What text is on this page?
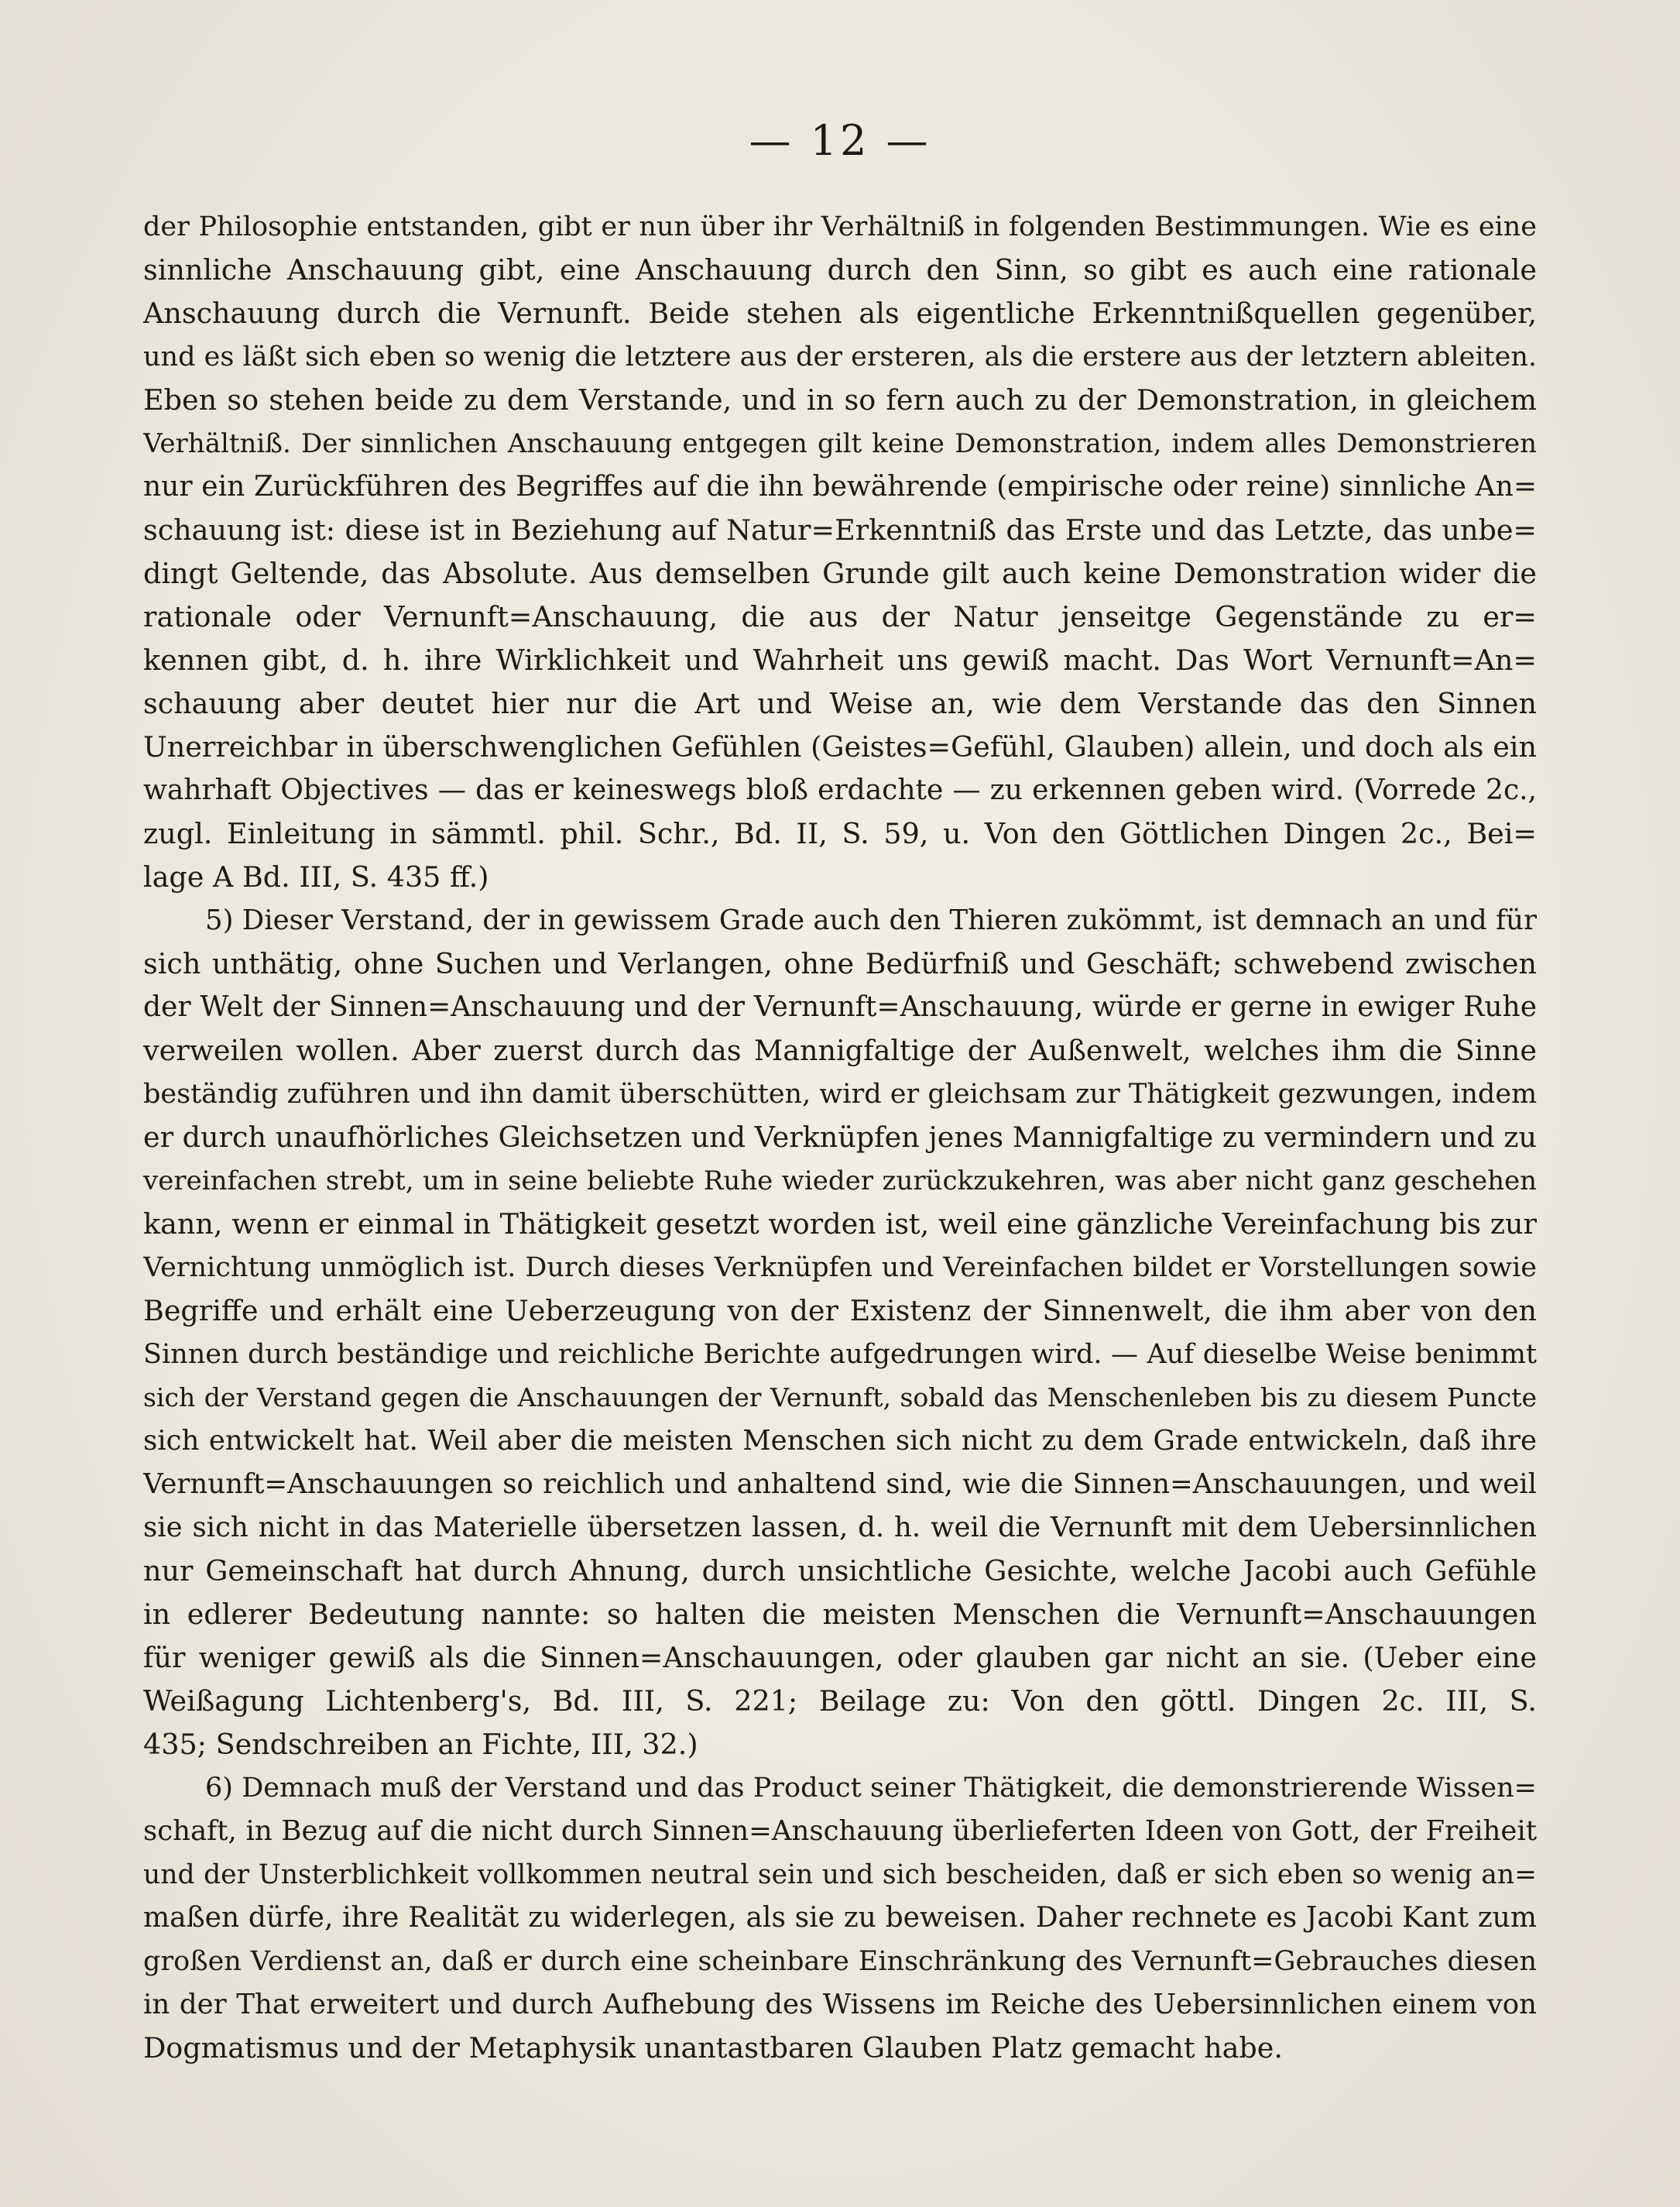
— 12 —
der Philosophie entstanden, gibt er nun über ihr Verhältniß in folgenden Bestimmungen. Wie es eine
sinnliche Anschauung gibt, eine Anschauung durch den Sinn, so gibt es auch eine rationale
Anschauung durch die Vernunft. Beide stehen als eigentliche Erkenntnißquellen gegenüber,
und es läßt sich eben so wenig die letztere aus der ersteren, als die erstere aus der letztern ableiten.
Eben so stehen beide zu dem Verstande, und in so fern auch zu der Demonstration, in gleichem
Verhältniß. Der sinnlichen Anschauung entgegen gilt keine Demonstration, indem alles Demonstrieren
nur ein Zurückführen des Begriffes auf die ihn bewährende (empirische oder reine) sinnliche An=
schauung ist: diese ist in Beziehung auf Natur=Erkenntniß das Erste und das Letzte, das unbe=
dingt Geltende, das Absolute. Aus demselben Grunde gilt auch keine Demonstration wider die
rationale oder Vernunft=Anschauung, die aus der Natur jenseitge Gegenstände zu er=
kennen gibt, d. h. ihre Wirklichkeit und Wahrheit uns gewiß macht. Das Wort Vernunft=An=
schauung aber deutet hier nur die Art und Weise an, wie dem Verstande das den Sinnen
Unerreichbar in überschwenglichen Gefühlen (Geistes=Gefühl, Glauben) allein, und doch als ein
wahrhaft Objectives — das er keineswegs bloß erdachte — zu erkennen geben wird. (Vorrede 2c.,
zugl. Einleitung in sämmtl. phil. Schr., Bd. II, S. 59, u. Von den Göttlichen Dingen 2c., Bei=
lage A Bd. III, S. 435 ff.)
5) Dieser Verstand, der in gewissem Grade auch den Thieren zukömmt, ist demnach an und für
sich unthätig, ohne Suchen und Verlangen, ohne Bedürfniß und Geschäft; schwebend zwischen
der Welt der Sinnen=Anschauung und der Vernunft=Anschauung, würde er gerne in ewiger Ruhe
verweilen wollen. Aber zuerst durch das Mannigfaltige der Außenwelt, welches ihm die Sinne
beständig zuführen und ihn damit überschütten, wird er gleichsam zur Thätigkeit gezwungen, indem
er durch unaufhörliches Gleichsetzen und Verknüpfen jenes Mannigfaltige zu vermindern und zu
vereinfachen strebt, um in seine beliebte Ruhe wieder zurückzukehren, was aber nicht ganz geschehen
kann, wenn er einmal in Thätigkeit gesetzt worden ist, weil eine gänzliche Vereinfachung bis zur
Vernichtung unmöglich ist. Durch dieses Verknüpfen und Vereinfachen bildet er Vorstellungen sowie
Begriffe und erhält eine Ueberzeugung von der Existenz der Sinnenwelt, die ihm aber von den
Sinnen durch beständige und reichliche Berichte aufgedrungen wird. — Auf dieselbe Weise benimmt
sich der Verstand gegen die Anschauungen der Vernunft, sobald das Menschenleben bis zu diesem Puncte
sich entwickelt hat. Weil aber die meisten Menschen sich nicht zu dem Grade entwickeln, daß ihre
Vernunft=Anschauungen so reichlich und anhaltend sind, wie die Sinnen=Anschauungen, und weil
sie sich nicht in das Materielle übersetzen lassen, d. h. weil die Vernunft mit dem Uebersinnlichen
nur Gemeinschaft hat durch Ahnung, durch unsichtliche Gesichte, welche Jacobi auch Gefühle
in edlerer Bedeutung nannte: so halten die meisten Menschen die Vernunft=Anschauungen
für weniger gewiß als die Sinnen=Anschauungen, oder glauben gar nicht an sie. (Ueber eine
Weißagung Lichtenberg's, Bd. III, S. 221; Beilage zu: Von den göttl. Dingen 2c. III, S.
435; Sendschreiben an Fichte, III, 32.)
6) Demnach muß der Verstand und das Product seiner Thätigkeit, die demonstrierende Wissen=
schaft, in Bezug auf die nicht durch Sinnen=Anschauung überlieferten Ideen von Gott, der Freiheit
und der Unsterblichkeit vollkommen neutral sein und sich bescheiden, daß er sich eben so wenig an=
maßen dürfe, ihre Realität zu widerlegen, als sie zu beweisen. Daher rechnete es Jacobi Kant zum
großen Verdienst an, daß er durch eine scheinbare Einschränkung des Vernunft=Gebrauches diesen
in der That erweitert und durch Aufhebung des Wissens im Reiche des Uebersinnlichen einem von
Dogmatismus und der Metaphysik unantastbaren Glauben Platz gemacht habe.
